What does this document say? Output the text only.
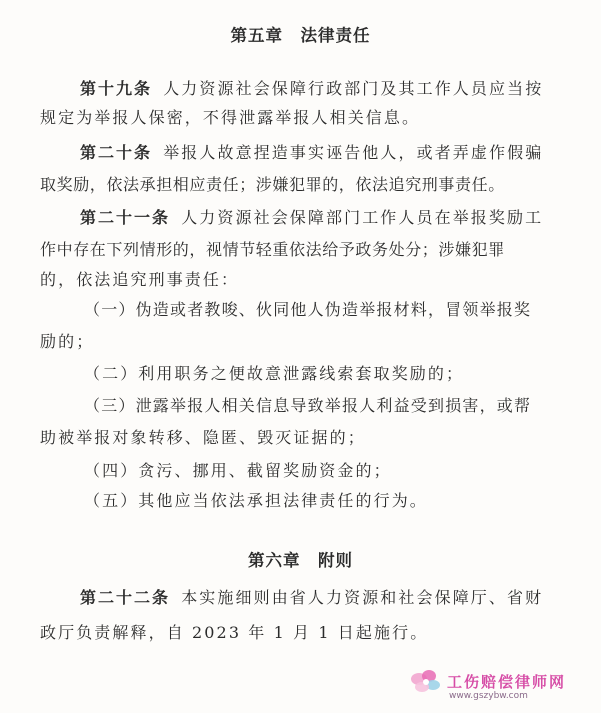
第五章　法律责任
第十九条 人力资源社会保障行政部门及其工作人员应当按
规定为举报人保密，不得泄露举报人相关信息。
第二十条 举报人故意捏造事实诬告他人，或者弄虚作假骗
取奖励，依法承担相应责任；涉嫌犯罪的，依法追究刑事责任。
第二十一条 人力资源社会保障部门工作人员在举报奖励工
作中存在下列情形的，视情节轻重依法给予政务处分；涉嫌犯罪
的，依法追究刑事责任：
（一）伪造或者教唆、伙同他人伪造举报材料，冒领举报奖
励的；
（二）利用职务之便故意泄露线索套取奖励的；
（三）泄露举报人相关信息导致举报人利益受到损害，或帮
助被举报对象转移、隐匿、毁灭证据的；
（四）贪污、挪用、截留奖励资金的；
（五）其他应当依法承担法律责任的行为。
第六章　附则
第二十二条 本实施细则由省人力资源和社会保障厅、省财
政厅负责解释，自 2023 年 1 月 1 日起施行。
工伤赔偿律师网
www.gszybw.com
